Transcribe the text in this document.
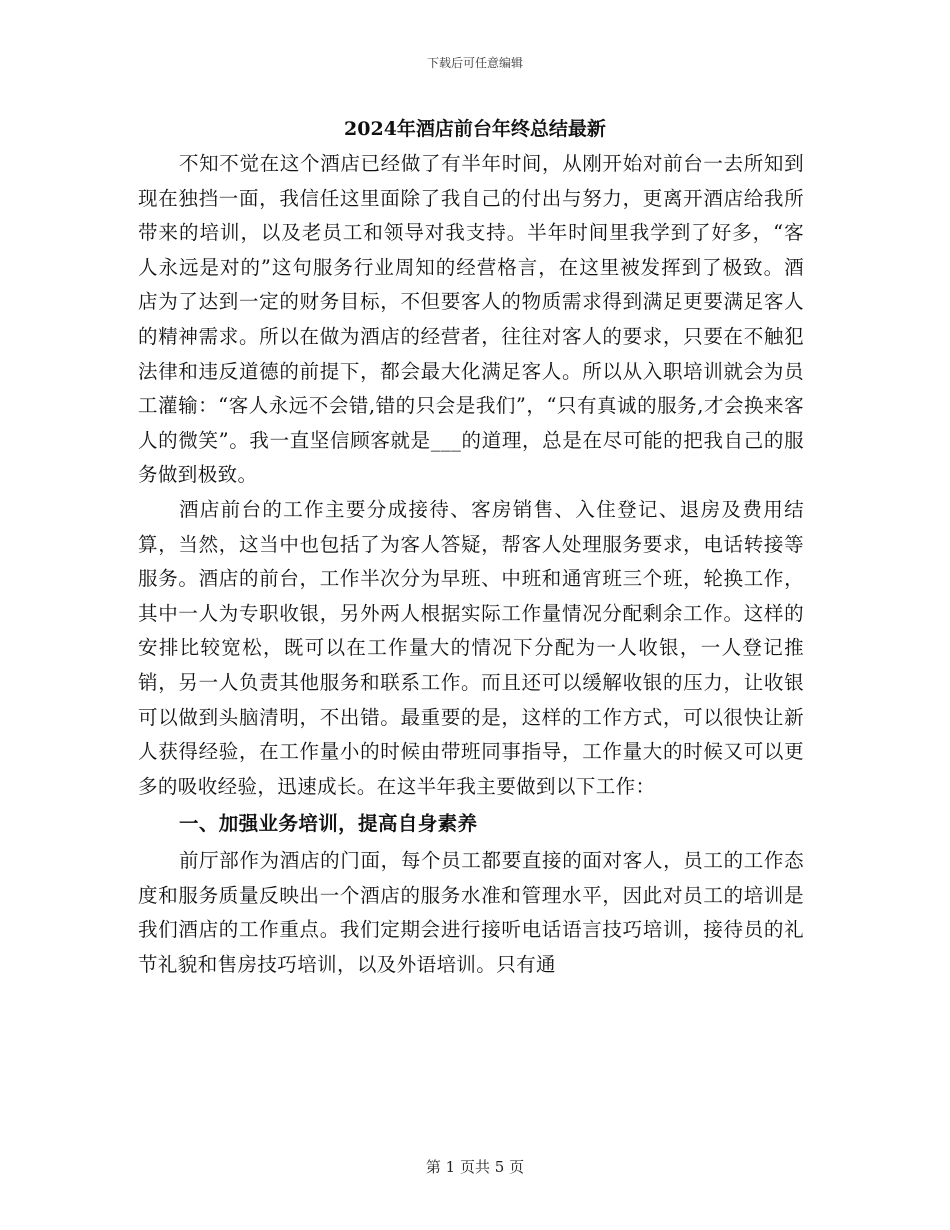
下载后可任意编辑
2024年酒店前台年终总结最新

不知不觉在这个酒店已经做了有半年时间，从刚开始对前台一去所知到现在独挡一面，我信任这里面除了我自己的付出与努力，更离开酒店给我所带来的培训，以及老员工和领导对我支持。半年时间里我学到了好多，“客人永远是对的”这句服务行业周知的经营格言，在这里被发挥到了极致。酒店为了达到一定的财务目标，不但要客人的物质需求得到满足更要满足客人的精神需求。所以在做为酒店的经营者，往往对客人的要求，只要在不触犯法律和违反道德的前提下，都会最大化满足客人。所以从入职培训就会为员工灌输：“客人永远不会错,错的只会是我们”，“只有真诚的服务,才会换来客人的微笑”。我一直坚信顾客就是___的道理，总是在尽可能的把我自己的服务做到极致。

酒店前台的工作主要分成接待、客房销售、入住登记、退房及费用结算，当然，这当中也包括了为客人答疑，帮客人处理服务要求，电话转接等服务。酒店的前台，工作半次分为早班、中班和通宵班三个班，轮换工作，其中一人为专职收银，另外两人根据实际工作量情况分配剩余工作。这样的安排比较宽松，既可以在工作量大的情况下分配为一人收银，一人登记推销，另一人负责其他服务和联系工作。而且还可以缓解收银的压力，让收银可以做到头脑清明，不出错。最重要的是，这样的工作方式，可以很快让新人获得经验，在工作量小的时候由带班同事指导，工作量大的时候又可以更多的吸收经验，迅速成长。在这半年我主要做到以下工作：

一、加强业务培训，提高自身素养

前厅部作为酒店的门面，每个员工都要直接的面对客人，员工的工作态度和服务质量反映出一个酒店的服务水准和管理水平，因此对员工的培训是我们酒店的工作重点。我们定期会进行接听电话语言技巧培训，接待员的礼节礼貌和售房技巧培训，以及外语培训。只有通

第 1 页共 5 页
